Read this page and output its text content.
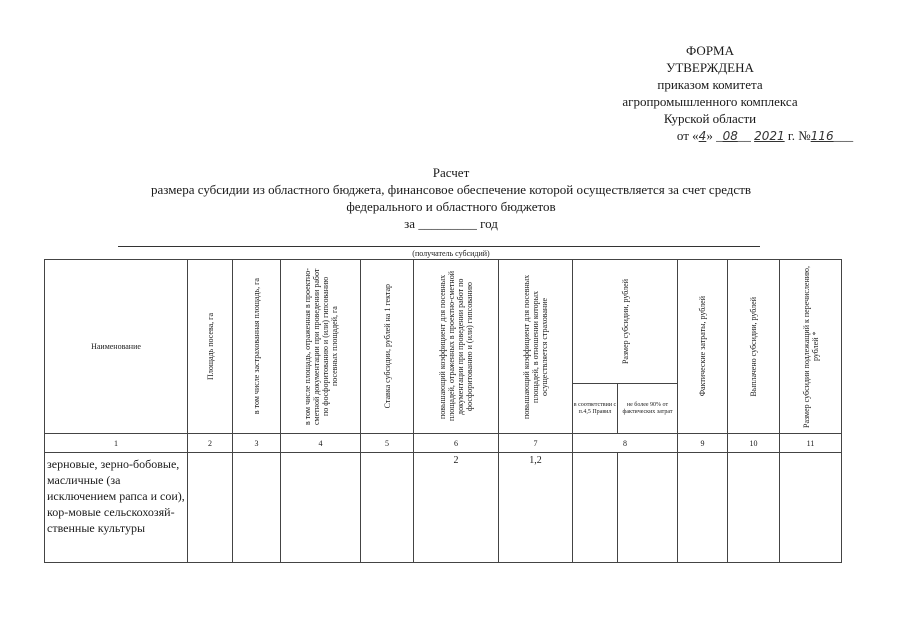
ФОРМА
УТВЕРЖДЕНА
приказом комитета
агропромышленного комплекса
Курской области
от «4» _08__ 2021 г. №116___
Расчет
размера субсидии из областного бюджета, финансовое обеспечение которой осуществляется за счет средств
федерального и областного бюджетов
за _________ год
(получатель субсидий)
Наименование	Площадь посева, га	в том числе застрахованная площадь, га	в том числе площадь, отраженная в проектно-сметной документации при проведении работ по фосфоритованию и (или) гипсованию посевных площадей, га	Ставка субсидии, рублей на 1 гектар	повышающий коэффициент для посевных площадей, отраженных в проектно-сметной документации при проведении работ по фосфоритованию и (или) гипсованию	повышающий коэффициент для посевных площадей, в отношении которых осуществляется страхование	Размер субсидии, рублей		Фактические затраты, рублей	Выплачено субсидии, рублей	Размер субсидии подлежащий к перечислению, рублей *

							в соответствии с п.4,5 Правил	не более 90% от фактических затрат			
1	2	3	4	5	6	7	8		9	10	11
зерновые, зерно-бобовые, масличные (за исключением рапса и сои), кор-мовые сельскохозяй-ственные культуры					2	1,2					
